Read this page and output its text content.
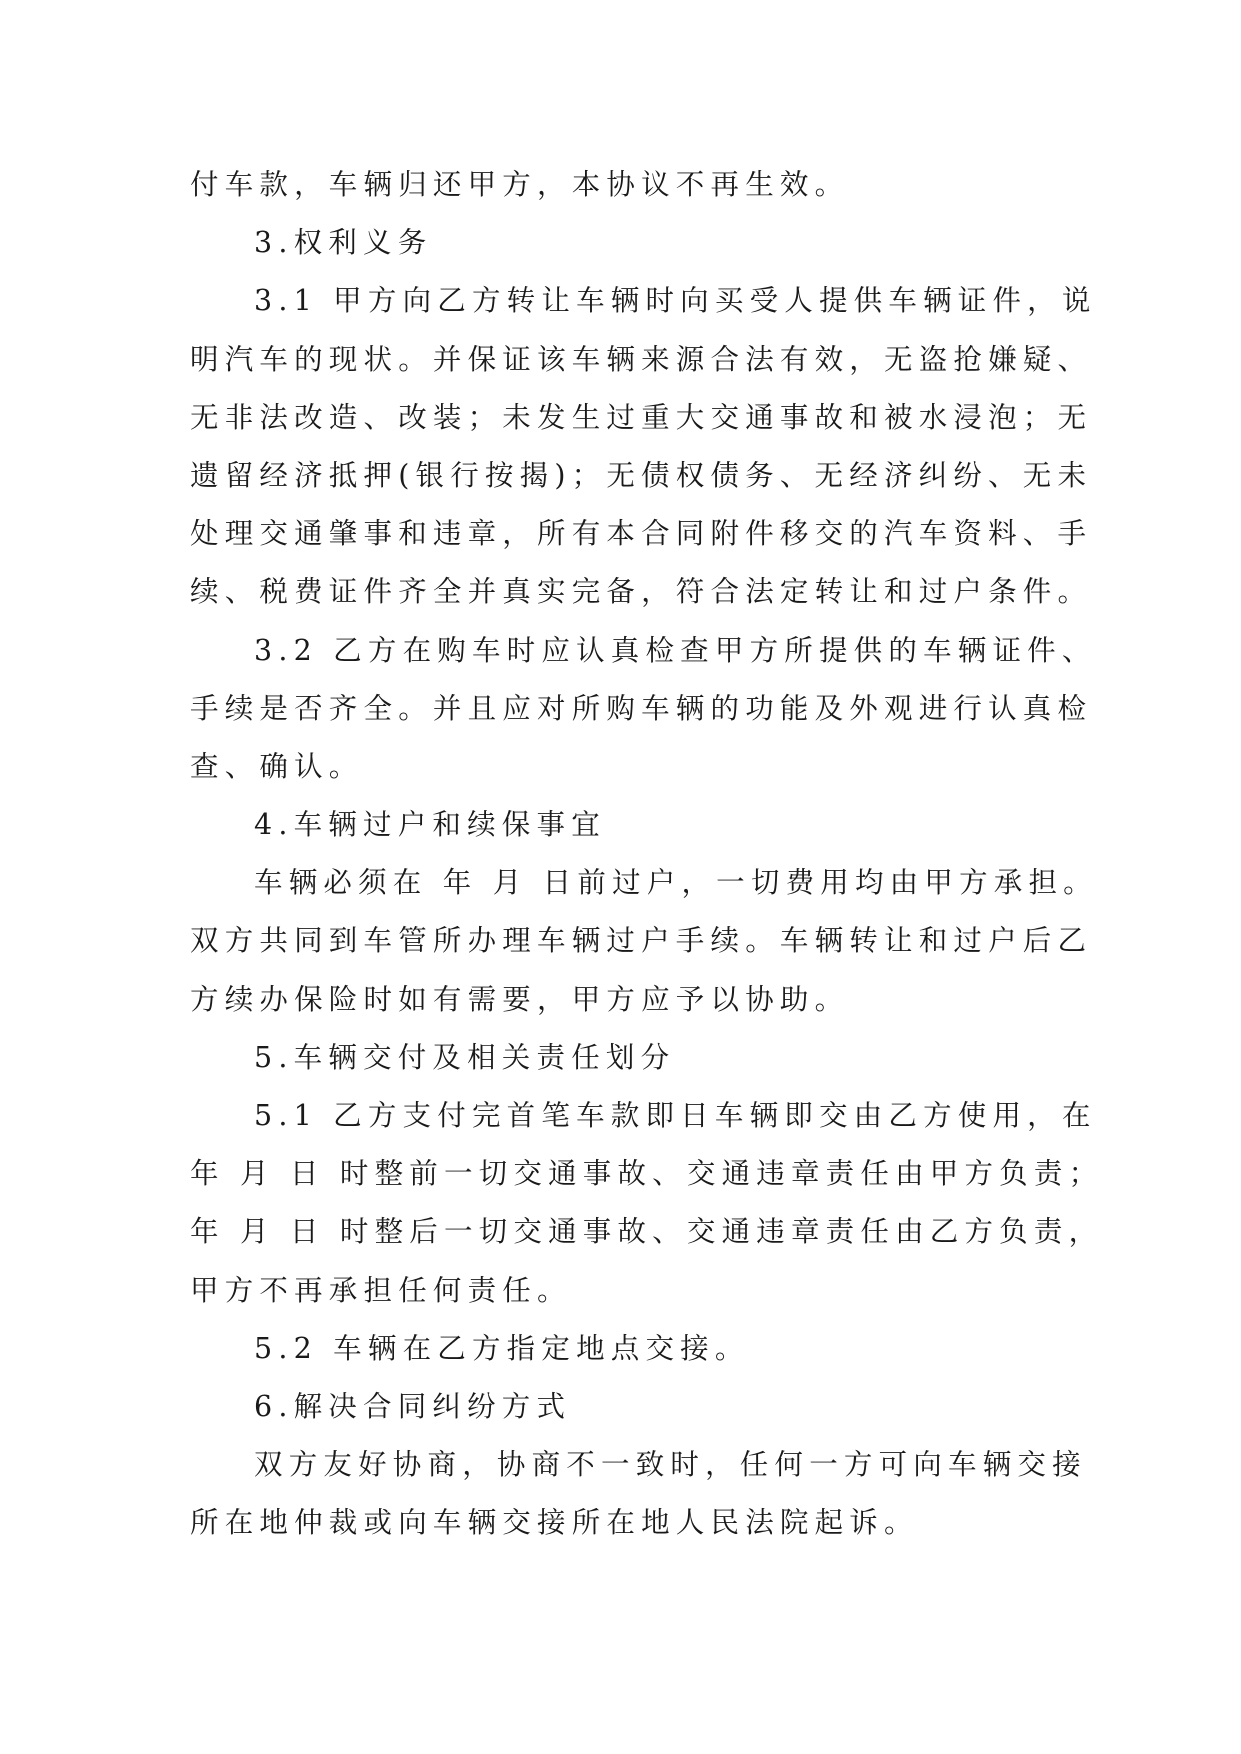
付车款，车辆归还甲方，本协议不再生效。
3.权利义务
3.1 甲方向乙方转让车辆时向买受人提供车辆证件，说
明汽车的现状。并保证该车辆来源合法有效，无盗抢嫌疑、
无非法改造、改装；未发生过重大交通事故和被水浸泡；无
遗留经济抵押(银行按揭)；无债权债务、无经济纠纷、无未
处理交通肇事和违章，所有本合同附件移交的汽车资料、手
续、税费证件齐全并真实完备，符合法定转让和过户条件。
3.2 乙方在购车时应认真检查甲方所提供的车辆证件、
手续是否齐全。并且应对所购车辆的功能及外观进行认真检
查、确认。
4.车辆过户和续保事宜
车辆必须在 年 月 日前过户，一切费用均由甲方承担。
双方共同到车管所办理车辆过户手续。车辆转让和过户后乙
方续办保险时如有需要，甲方应予以协助。
5.车辆交付及相关责任划分
5.1 乙方支付完首笔车款即日车辆即交由乙方使用，在
年 月 日 时整前一切交通事故、交通违章责任由甲方负责；
年 月 日 时整后一切交通事故、交通违章责任由乙方负责，
甲方不再承担任何责任。
5.2 车辆在乙方指定地点交接。
6.解决合同纠纷方式
双方友好协商，协商不一致时，任何一方可向车辆交接
所在地仲裁或向车辆交接所在地人民法院起诉。
